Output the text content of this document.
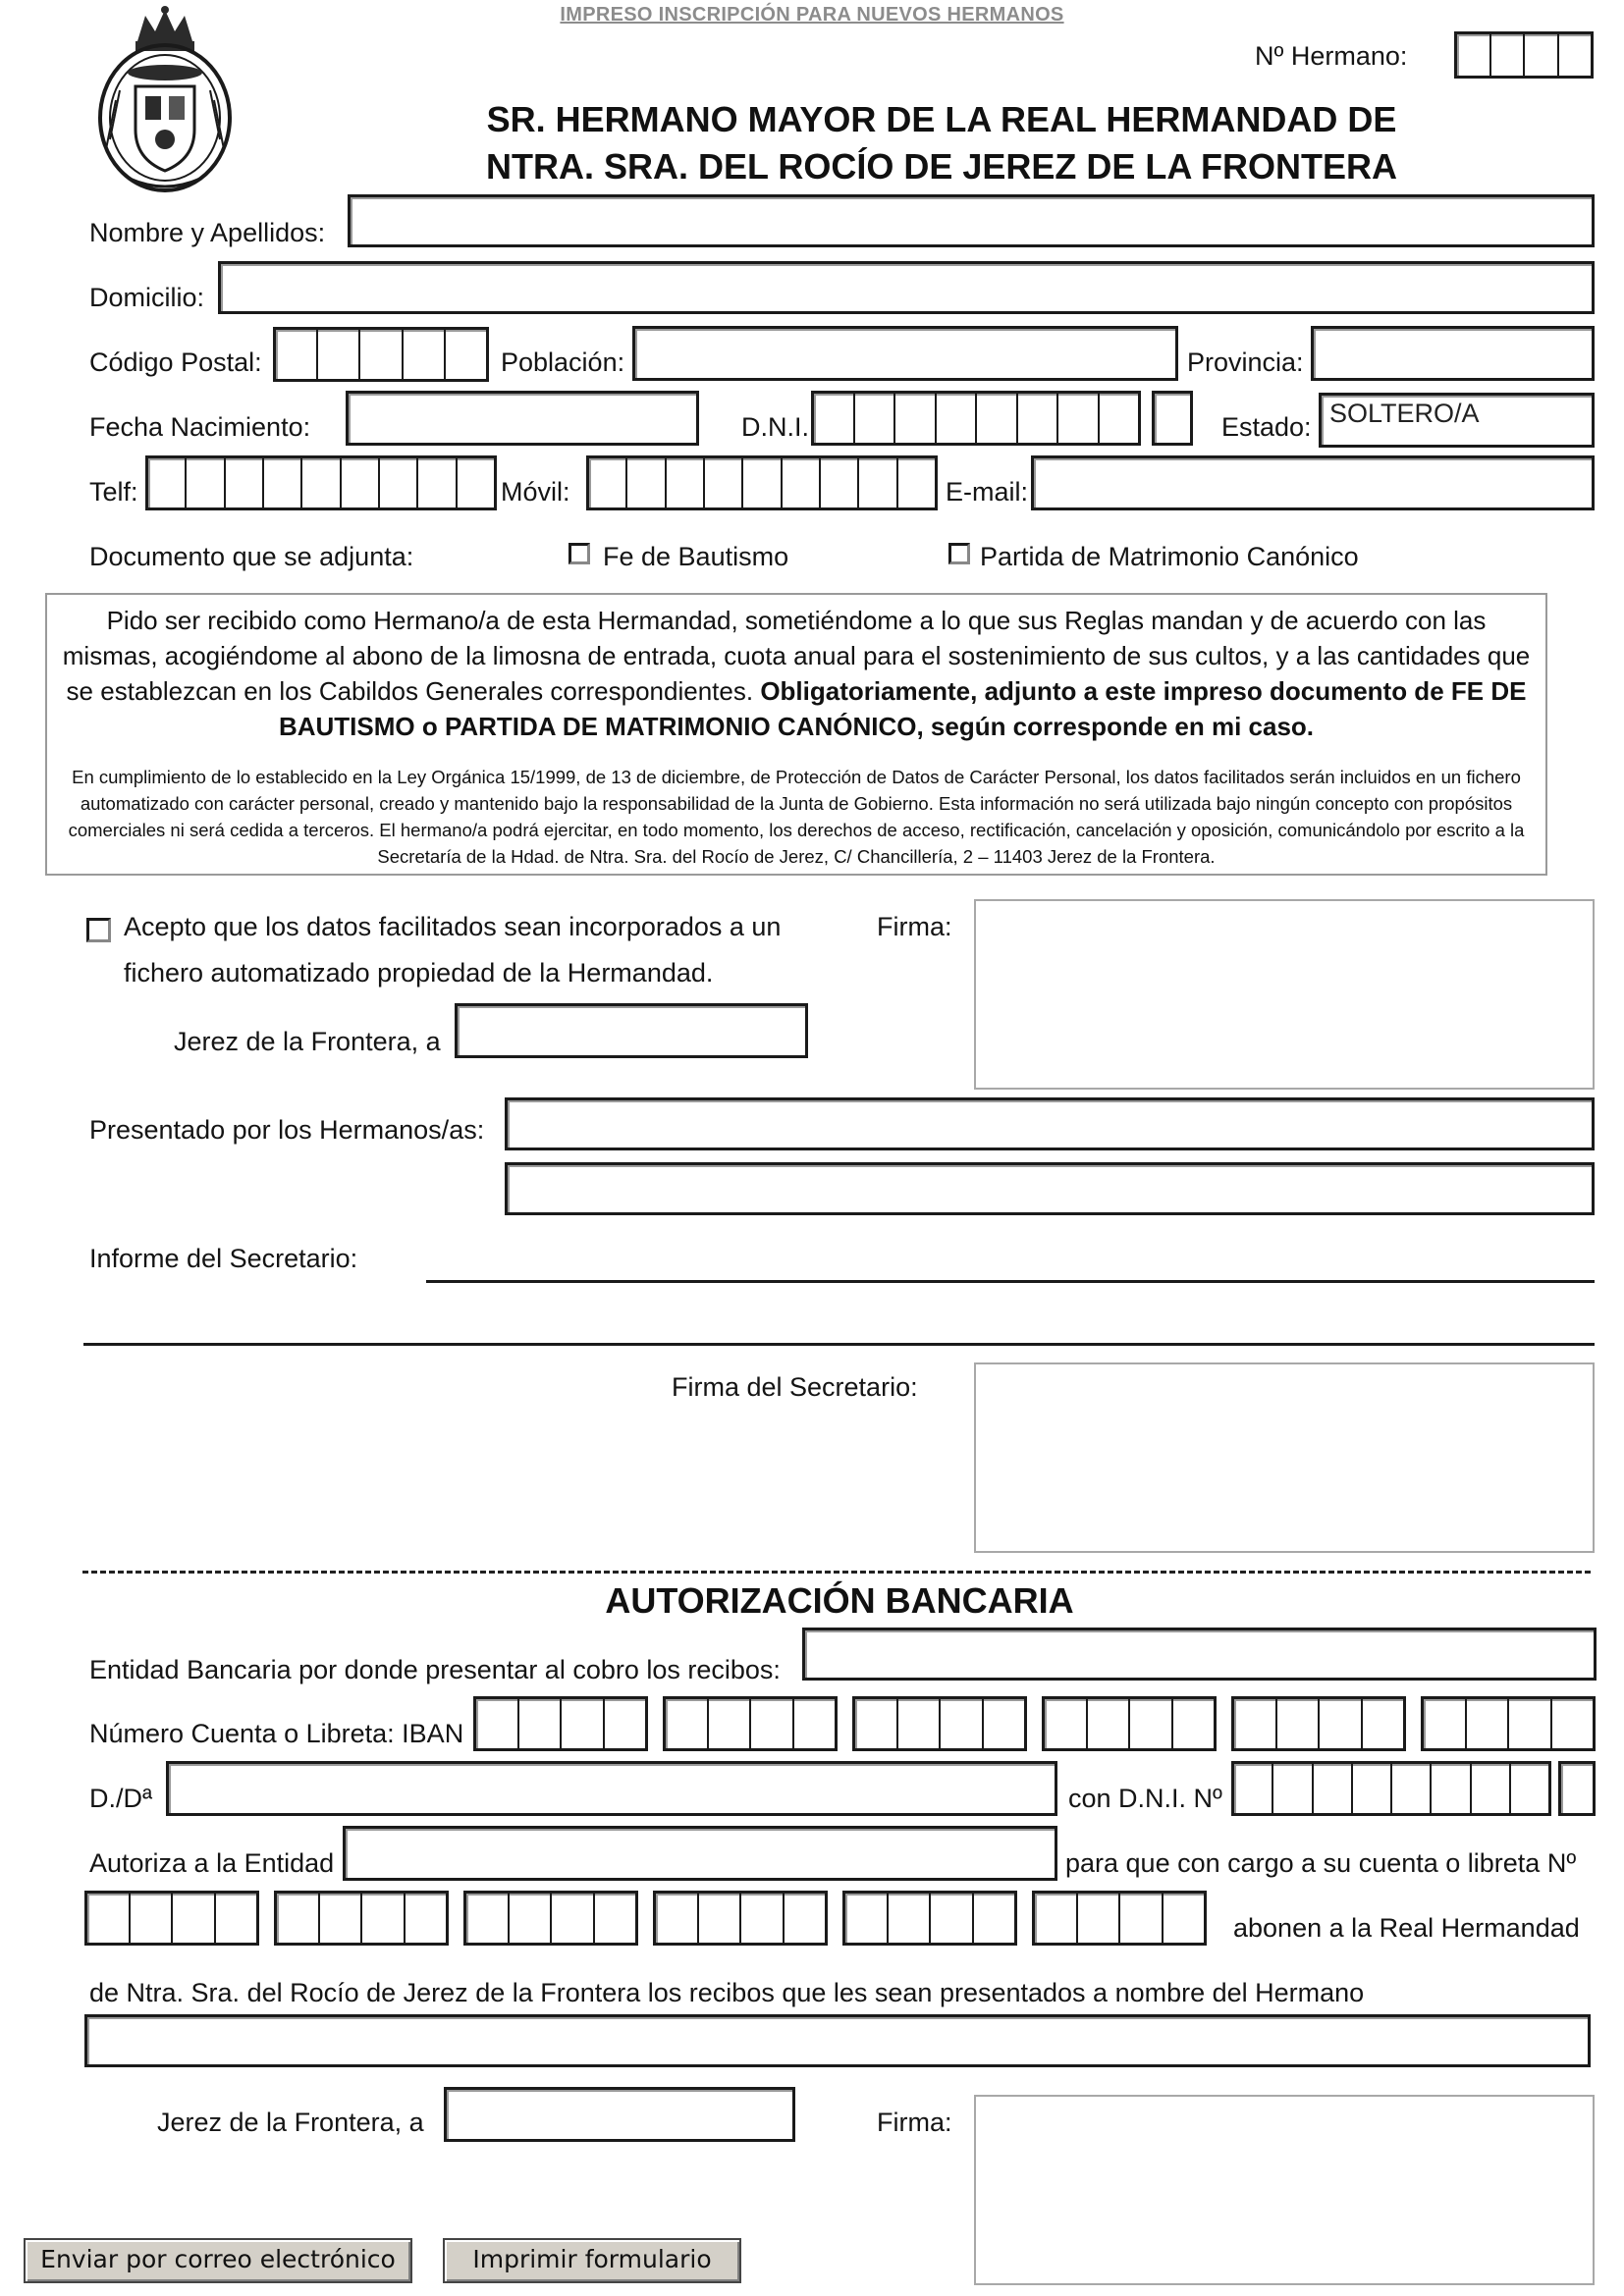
IMPRESO INSCRIPCIÓN PARA NUEVOS HERMANOS
Nº Hermano:
SR. HERMANO MAYOR DE LA REAL HERMANDAD DE
NTRA. SRA. DEL ROCÍO DE JEREZ DE LA FRONTERA
Nombre y Apellidos:
Domicilio:
Código Postal:	Población:	Provincia:
Fecha Nacimiento:	D.N.I.	Estado: SOLTERO/A
Telf:	Móvil:	E-mail:
Documento que se adjunta:	Fe de Bautismo	Partida de Matrimonio Canónico
Pido ser recibido como Hermano/a de esta Hermandad, sometiéndome a lo que sus Reglas mandan y de acuerdo con las mismas, acogiéndome al abono de la limosna de entrada, cuota anual para el sostenimiento de sus cultos, y a las cantidades que se establezcan en los Cabildos Generales correspondientes. Obligatoriamente, adjunto a este impreso documento de FE DE BAUTISMO o PARTIDA DE MATRIMONIO CANÓNICO, según corresponde en mi caso.
En cumplimiento de lo establecido en la Ley Orgánica 15/1999, de 13 de diciembre, de Protección de Datos de Carácter Personal, los datos facilitados serán incluidos en un fichero automatizado con carácter personal, creado y mantenido bajo la responsabilidad de la Junta de Gobierno. Esta información no será utilizada bajo ningún concepto con propósitos comerciales ni será cedida a terceros. El hermano/a podrá ejercitar, en todo momento, los derechos de acceso, rectificación, cancelación y oposición, comunicándolo por escrito a la Secretaría de la Hdad. de Ntra. Sra. del Rocío de Jerez, C/ Chancillería, 2 – 11403 Jerez de la Frontera.
Acepto que los datos facilitados sean incorporados a un
fichero automatizado propiedad de la Hermandad.
Firma:
Jerez de la Frontera, a
Presentado por los Hermanos/as:
Informe del Secretario:
Firma del Secretario:
AUTORIZACIÓN BANCARIA
Entidad Bancaria por donde presentar al cobro los recibos:
Número Cuenta o Libreta: IBAN
D./Dª	con D.N.I. Nº
Autoriza a la Entidad	para que con cargo a su cuenta o libreta Nº
abonen a la Real Hermandad
de Ntra. Sra. del Rocío de Jerez de la Frontera los recibos que les sean presentados a nombre del Hermano
Jerez de la Frontera, a	Firma:
Enviar por correo electrónico	Imprimir formulario
